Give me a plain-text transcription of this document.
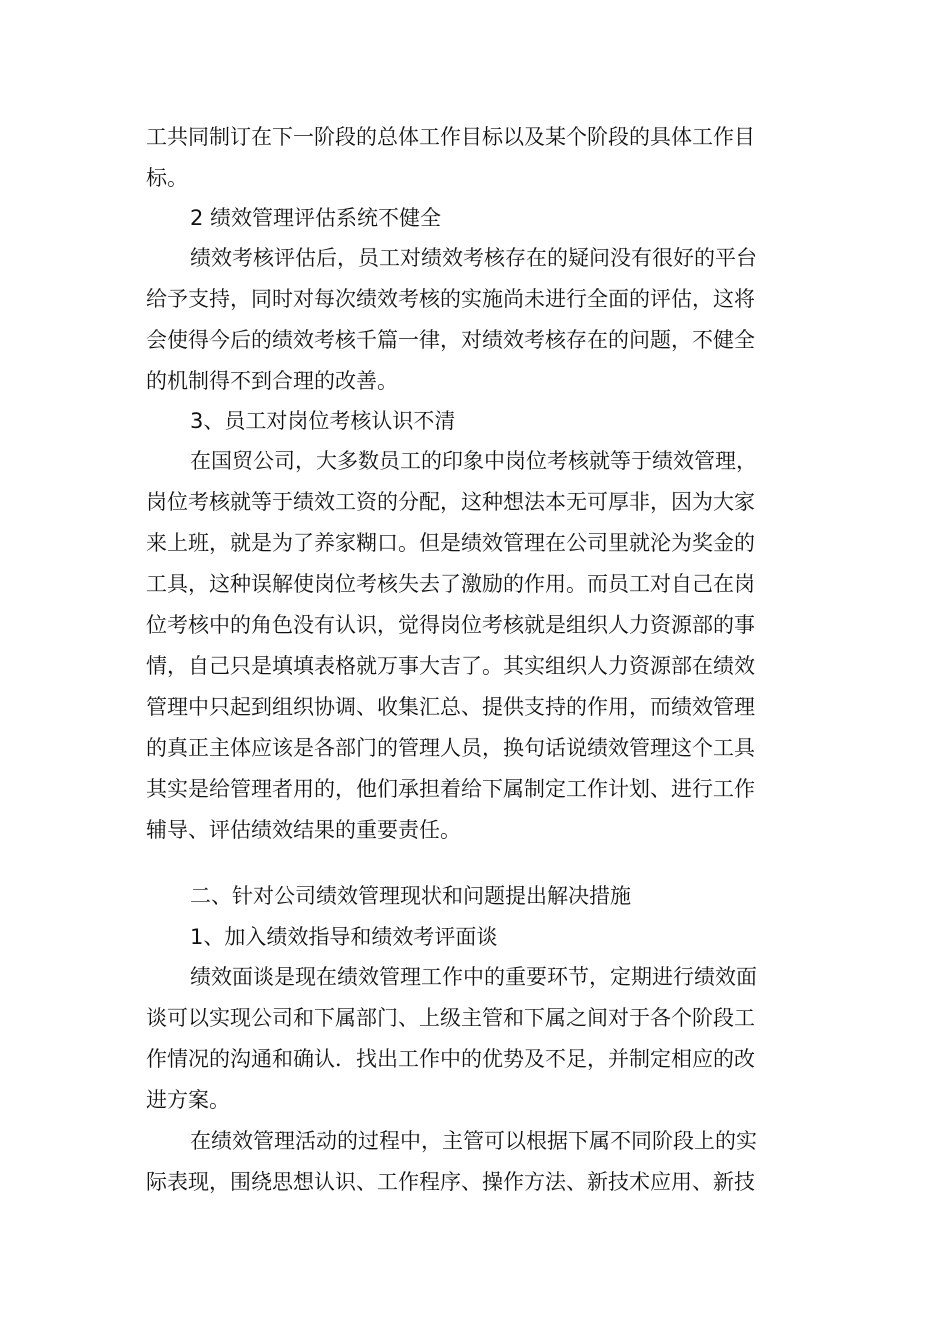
工共同制订在下一阶段的总体工作目标以及某个阶段的具体工作目
标。
2 绩效管理评估系统不健全
绩效考核评估后，员工对绩效考核存在的疑问没有很好的平台
给予支持，同时对每次绩效考核的实施尚未进行全面的评估，这将
会使得今后的绩效考核千篇一律，对绩效考核存在的问题，不健全
的机制得不到合理的改善。
3、员工对岗位考核认识不清
在国贸公司，大多数员工的印象中岗位考核就等于绩效管理，
岗位考核就等于绩效工资的分配，这种想法本无可厚非，因为大家
来上班，就是为了养家糊口。但是绩效管理在公司里就沦为奖金的
工具，这种误解使岗位考核失去了激励的作用。而员工对自己在岗
位考核中的角色没有认识，觉得岗位考核就是组织人力资源部的事
情，自己只是填填表格就万事大吉了。其实组织人力资源部在绩效
管理中只起到组织协调、收集汇总、提供支持的作用，而绩效管理
的真正主体应该是各部门的管理人员，换句话说绩效管理这个工具
其实是给管理者用的，他们承担着给下属制定工作计划、进行工作
辅导、评估绩效结果的重要责任。
二、针对公司绩效管理现状和问题提出解决措施
1、加入绩效指导和绩效考评面谈
绩效面谈是现在绩效管理工作中的重要环节，定期进行绩效面
谈可以实现公司和下属部门、上级主管和下属之间对于各个阶段工
作情况的沟通和确认．找出工作中的优势及不足，并制定相应的改
进方案。
在绩效管理活动的过程中，主管可以根据下属不同阶段上的实
际表现，围绕思想认识、工作程序、操作方法、新技术应用、新技
